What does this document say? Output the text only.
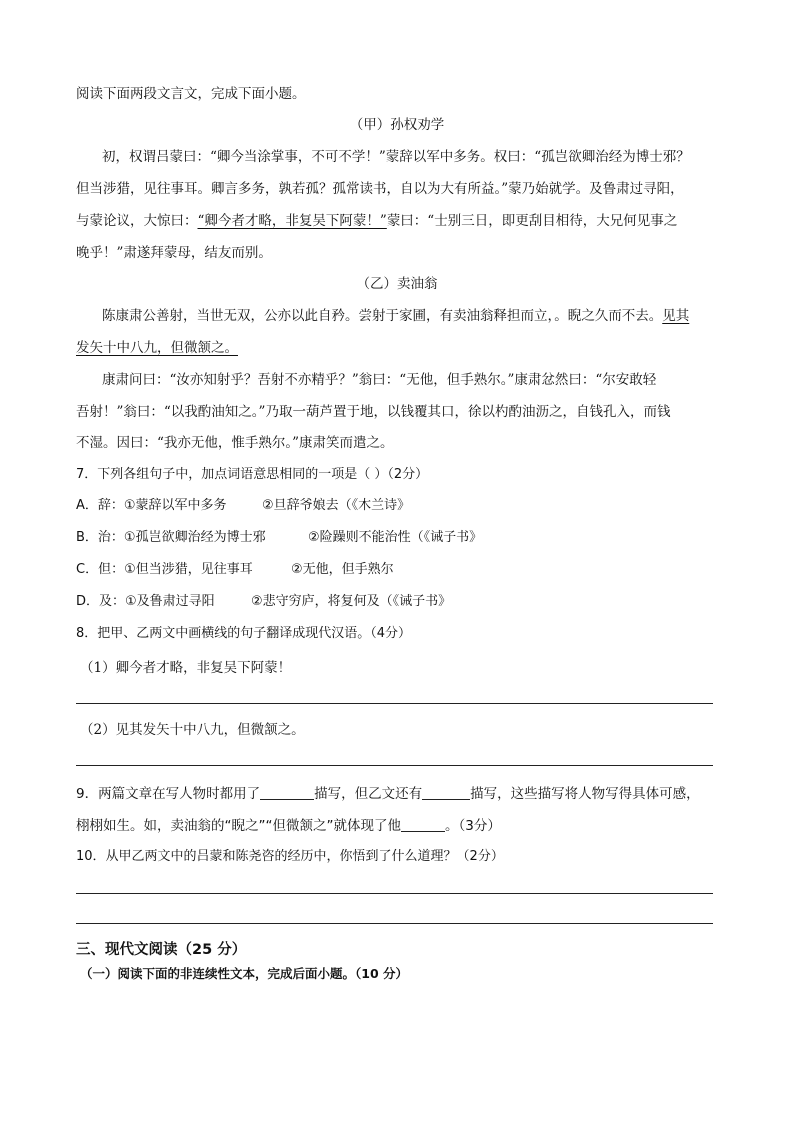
阅读下面两段文言文，完成下面小题。
（甲）孙权劝学
初，权谓吕蒙曰：“卿今当涂掌事，不可不学！”蒙辞以军中多务。权曰：“孤岂欲卿治经为博士邪？
但当涉猎，见往事耳。卿言多务，孰若孤？孤常读书，自以为大有所益。”蒙乃始就学。及鲁肃过寻阳，
与蒙论议，大惊曰：“卿今者才略，非复吴下阿蒙！”蒙曰：“士别三日，即更刮目相待，大兄何见事之
晚乎！”肃遂拜蒙母，结友而别。
（乙）卖油翁
陈康肃公善射，当世无双，公亦以此自矜。尝射于家圃，有卖油翁释担而立，。睨之久而不去。见其
发矢十中八九，但微颔之。
康肃问曰：“汝亦知射乎？吾射不亦精乎？”翁曰：“无他，但手熟尔。”康肃忿然曰：“尔安敢轻
吾射！”翁曰：“以我酌油知之。”乃取一葫芦置于地，以钱覆其口，徐以杓酌油沥之，自钱孔入，而钱
不湿。因曰：“我亦无他，惟手熟尔。”康肃笑而遣之。
7．下列各组句子中，加点词语意思相同的一项是（ ）（2分）
A．辞：①蒙辞以军中多务	②旦辞爷娘去（《木兰诗》
B．治：①孤岂欲卿治经为博士邪	②险躁则不能治性（《诫子书》
C．但：①但当涉猎，见往事耳	②无他，但手熟尔
D．及：①及鲁肃过寻阳	②悲守穷庐，将复何及（《诫子书》
8．把甲、乙两文中画横线的句子翻译成现代汉语。（4分）
（1）卿今者才略，非复吴下阿蒙！
（2）见其发矢十中八九，但微颔之。
9．两篇文章在写人物时都用了	描写，但乙文还有	描写，这些描写将人物写得具体可感，
栩栩如生。如，卖油翁的“睨之”“但微颔之”就体现了他	。（3分）
10．从甲乙两文中的吕蒙和陈尧咨的经历中，你悟到了什么道理？（2分）
三、现代文阅读（25 分）
（一）阅读下面的非连续性文本，完成后面小题。（10 分）
